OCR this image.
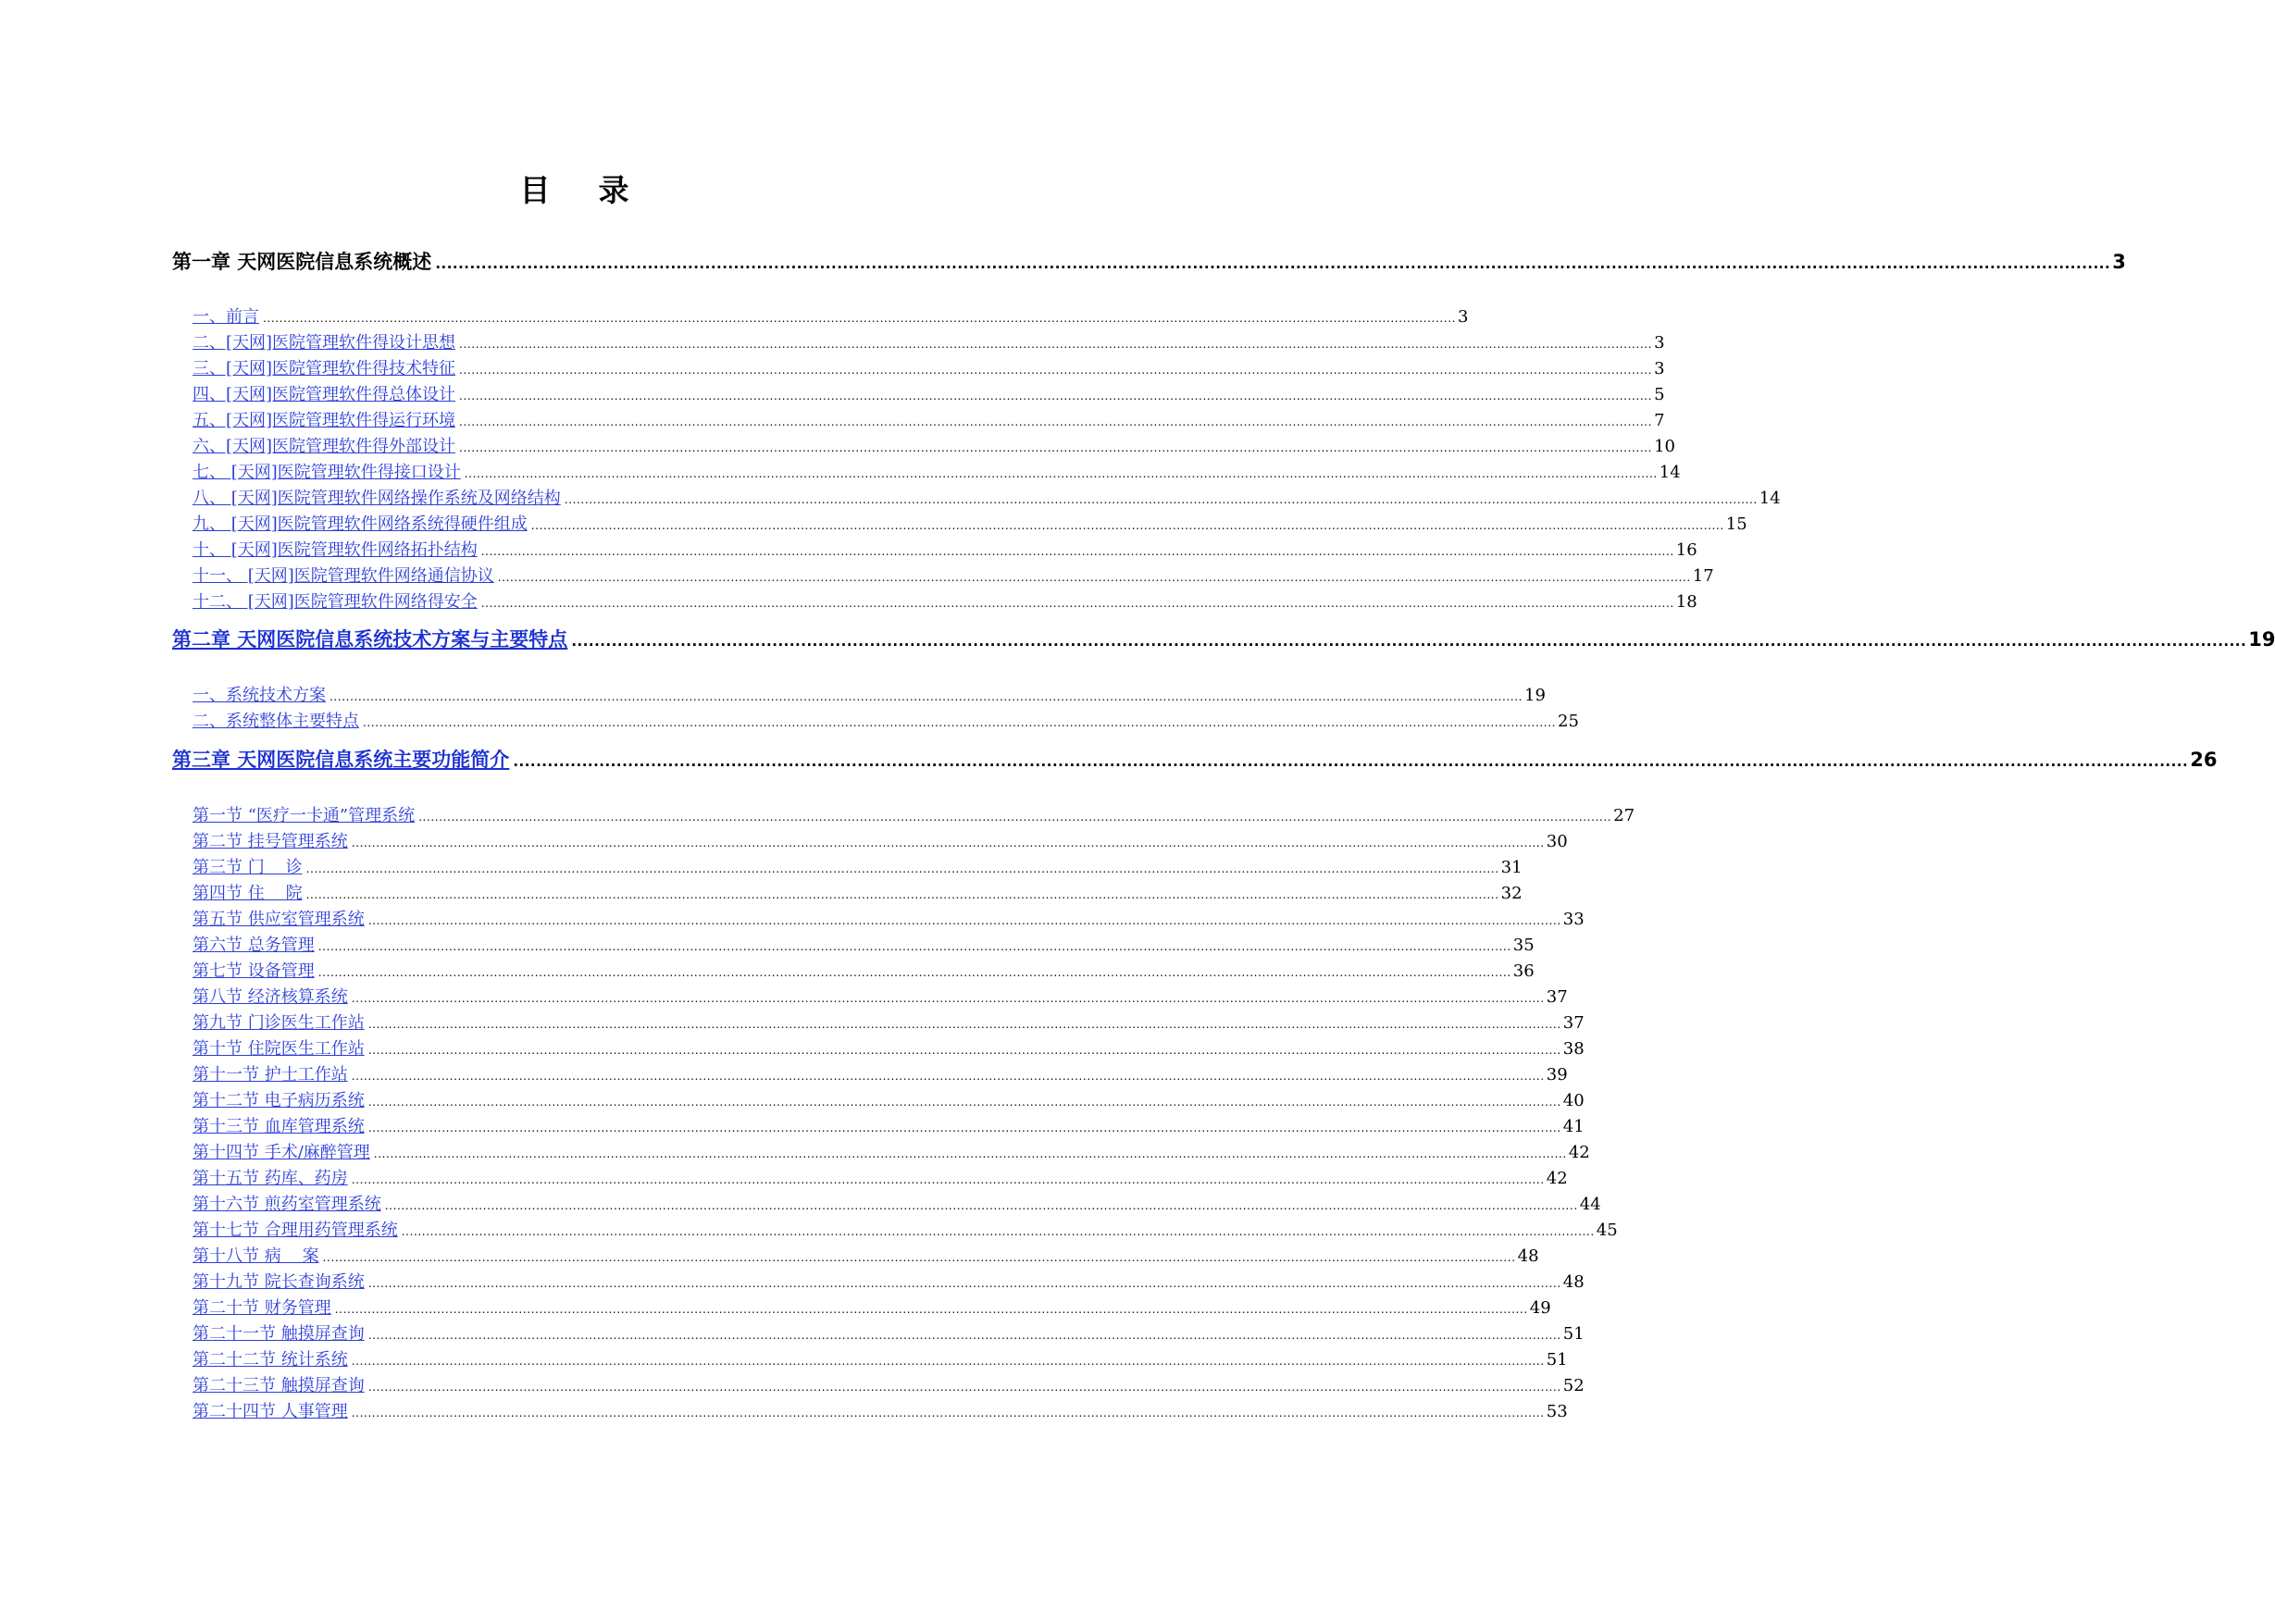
目 录
第一章 天网医院信息系统概述 .................................................................................................................................................................................................................................................................................................... 3
一、前言 .................................................................................................................................................................................................................................................................................................... 3
二、[天网]医院管理软件得设计思想 .................................................................................................................................................................................................................................................................................................... 3
三、[天网]医院管理软件得技术特征 .................................................................................................................................................................................................................................................................................................... 3
四、[天网]医院管理软件得总体设计 .................................................................................................................................................................................................................................................................................................... 5
五、[天网]医院管理软件得运行环境 .................................................................................................................................................................................................................................................................................................... 7
六、[天网]医院管理软件得外部设计 .................................................................................................................................................................................................................................................................................................... 10
七、 [天网]医院管理软件得接口设计 .................................................................................................................................................................................................................................................................................................... 14
八、 [天网]医院管理软件网络操作系统及网络结构 .................................................................................................................................................................................................................................................................................................... 14
九、 [天网]医院管理软件网络系统得硬件组成 .................................................................................................................................................................................................................................................................................................... 15
十、 [天网]医院管理软件网络拓扑结构 .................................................................................................................................................................................................................................................................................................... 16
十一、 [天网]医院管理软件网络通信协议 .................................................................................................................................................................................................................................................................................................... 17
十二、 [天网]医院管理软件网络得安全 .................................................................................................................................................................................................................................................................................................... 18
第二章 天网医院信息系统技术方案与主要特点 .................................................................................................................................................................................................................................................................................................... 19
一、系统技术方案 .................................................................................................................................................................................................................................................................................................... 19
二、系统整体主要特点 .................................................................................................................................................................................................................................................................................................... 25
第三章 天网医院信息系统主要功能简介 .................................................................................................................................................................................................................................................................................................... 26
第一节 “医疗一卡通”管理系统 .................................................................................................................................................................................................................................................................................................... 27
第二节 挂号管理系统 .................................................................................................................................................................................................................................................................................................... 30
第三节 门    诊 .................................................................................................................................................................................................................................................................................................... 31
第四节 住    院 .................................................................................................................................................................................................................................................................................................... 32
第五节 供应室管理系统 .................................................................................................................................................................................................................................................................................................... 33
第六节 总务管理 .................................................................................................................................................................................................................................................................................................... 35
第七节 设备管理 .................................................................................................................................................................................................................................................................................................... 36
第八节 经济核算系统 .................................................................................................................................................................................................................................................................................................... 37
第九节 门诊医生工作站 .................................................................................................................................................................................................................................................................................................... 37
第十节 住院医生工作站 .................................................................................................................................................................................................................................................................................................... 38
第十一节 护士工作站 .................................................................................................................................................................................................................................................................................................... 39
第十二节 电子病历系统 .................................................................................................................................................................................................................................................................................................... 40
第十三节 血库管理系统 .................................................................................................................................................................................................................................................................................................... 41
第十四节 手术/麻醉管理 .................................................................................................................................................................................................................................................................................................... 42
第十五节 药库、药房 .................................................................................................................................................................................................................................................................................................... 42
第十六节 煎药室管理系统 .................................................................................................................................................................................................................................................................................................... 44
第十七节 合理用药管理系统 .................................................................................................................................................................................................................................................................................................... 45
第十八节 病    案 .................................................................................................................................................................................................................................................................................................... 48
第十九节 院长查询系统 .................................................................................................................................................................................................................................................................................................... 48
第二十节 财务管理 .................................................................................................................................................................................................................................................................................................... 49
第二十一节 触摸屏查询 .................................................................................................................................................................................................................................................................................................... 51
第二十二节 统计系统 .................................................................................................................................................................................................................................................................................................... 51
第二十三节 触摸屏查询 .................................................................................................................................................................................................................................................................................................... 52
第二十四节 人事管理 .................................................................................................................................................................................................................................................................................................... 53
